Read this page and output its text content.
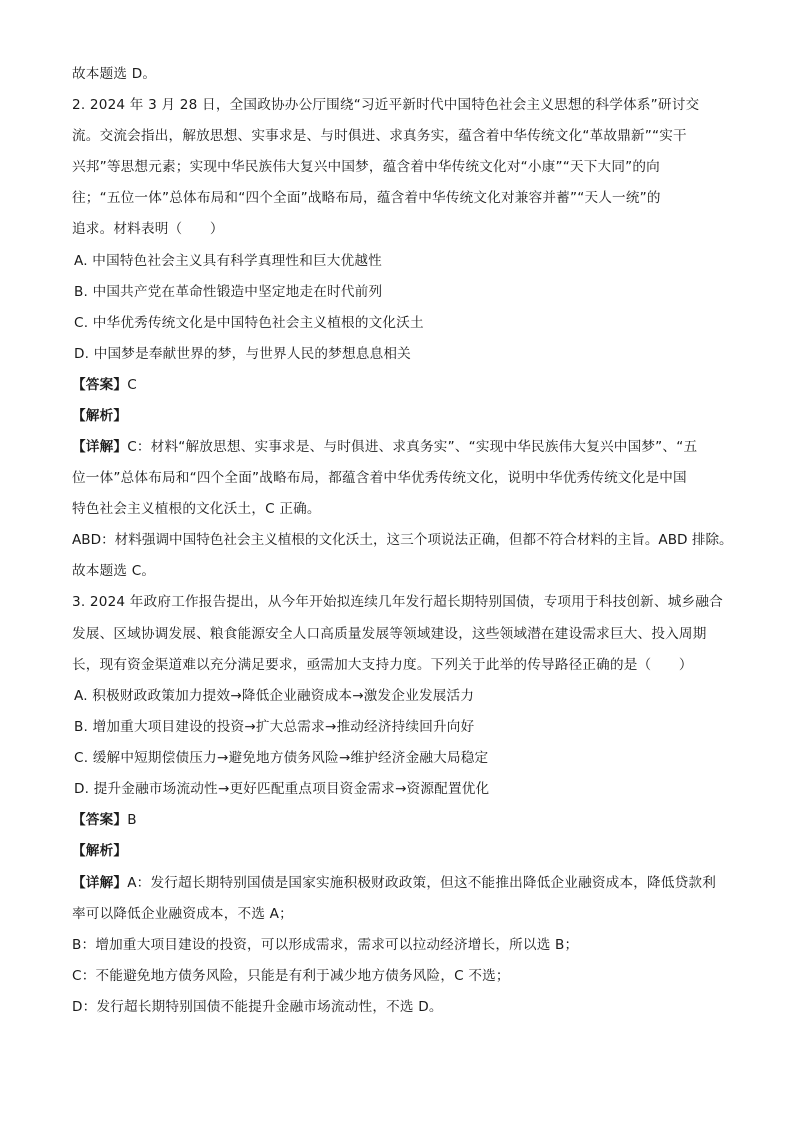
故本题选 D。
2. 2024 年 3 月 28 日，全国政协办公厅围绕“习近平新时代中国特色社会主义思想的科学体系”研讨交
流。交流会指出，解放思想、实事求是、与时俱进、求真务实，蕴含着中华传统文化“革故鼎新”“实干
兴邦”等思想元素；实现中华民族伟大复兴中国梦，蕴含着中华传统文化对“小康”“天下大同”的向
往；“五位一体”总体布局和“四个全面”战略布局，蕴含着中华传统文化对兼容并蓄”“天人一统”的
追求。材料表明（　　）
A. 中国特色社会主义具有科学真理性和巨大优越性
B. 中国共产党在革命性锻造中坚定地走在时代前列
C. 中华优秀传统文化是中国特色社会主义植根的文化沃土
D. 中国梦是奉献世界的梦，与世界人民的梦想息息相关
【答案】C
【解析】
【详解】C：材料“解放思想、实事求是、与时俱进、求真务实”、“实现中华民族伟大复兴中国梦”、“五
位一体”总体布局和“四个全面”战略布局，都蕴含着中华优秀传统文化，说明中华优秀传统文化是中国
特色社会主义植根的文化沃土，C 正确。
ABD：材料强调中国特色社会主义植根的文化沃土，这三个项说法正确，但都不符合材料的主旨。ABD 排除。
故本题选 C。
3. 2024 年政府工作报告提出，从今年开始拟连续几年发行超长期特别国债，专项用于科技创新、城乡融合
发展、区域协调发展、粮食能源安全人口高质量发展等领域建设，这些领域潜在建设需求巨大、投入周期
长，现有资金渠道难以充分满足要求，亟需加大支持力度。下列关于此举的传导路径正确的是（　　）
A. 积极财政政策加力提效→降低企业融资成本→激发企业发展活力
B. 增加重大项目建设的投资→扩大总需求→推动经济持续回升向好
C. 缓解中短期偿债压力→避免地方债务风险→维护经济金融大局稳定
D. 提升金融市场流动性→更好匹配重点项目资金需求→资源配置优化
【答案】B
【解析】
【详解】A：发行超长期特别国债是国家实施积极财政政策，但这不能推出降低企业融资成本，降低贷款利
率可以降低企业融资成本，不选 A；
B：增加重大项目建设的投资，可以形成需求，需求可以拉动经济增长，所以选 B；
C：不能避免地方债务风险，只能是有利于减少地方债务风险，C 不选；
D：发行超长期特别国债不能提升金融市场流动性，不选 D。
